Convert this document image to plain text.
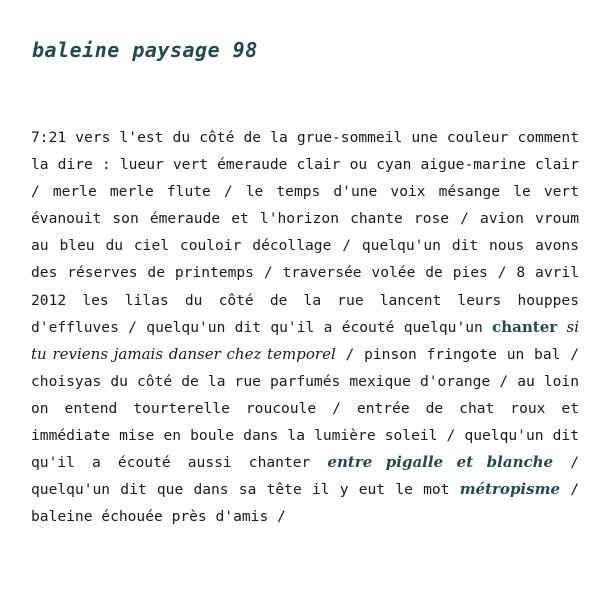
baleine paysage 98

7:21 vers l'est du côté de la grue-sommeil une couleur comment la dire : lueur vert émeraude clair ou cyan aigue-marine clair / merle merle flute / le temps d'une voix mésange le vert évanouit son émeraude et l'horizon chante rose / avion vroum au bleu du ciel couloir décollage / quelqu'un dit nous avons des réserves de printemps / traversée volée de pies / 8 avril 2012 les lilas du côté de la rue lancent leurs houppes d'effluves / quelqu'un dit qu'il a écouté quelqu'un chanter si tu reviens jamais danser chez temporel / pinson fringote un bal / choisyas du côté de la rue parfumés mexique d'orange / au loin on entend tourterelle roucoule / entrée de chat roux et immédiate mise en boule dans la lumière soleil / quelqu'un dit qu'il a écouté aussi chanter entre pigalle et blanche / quelqu'un dit que dans sa tête il y eut le mot métropisme / baleine échouée près d'amis /
